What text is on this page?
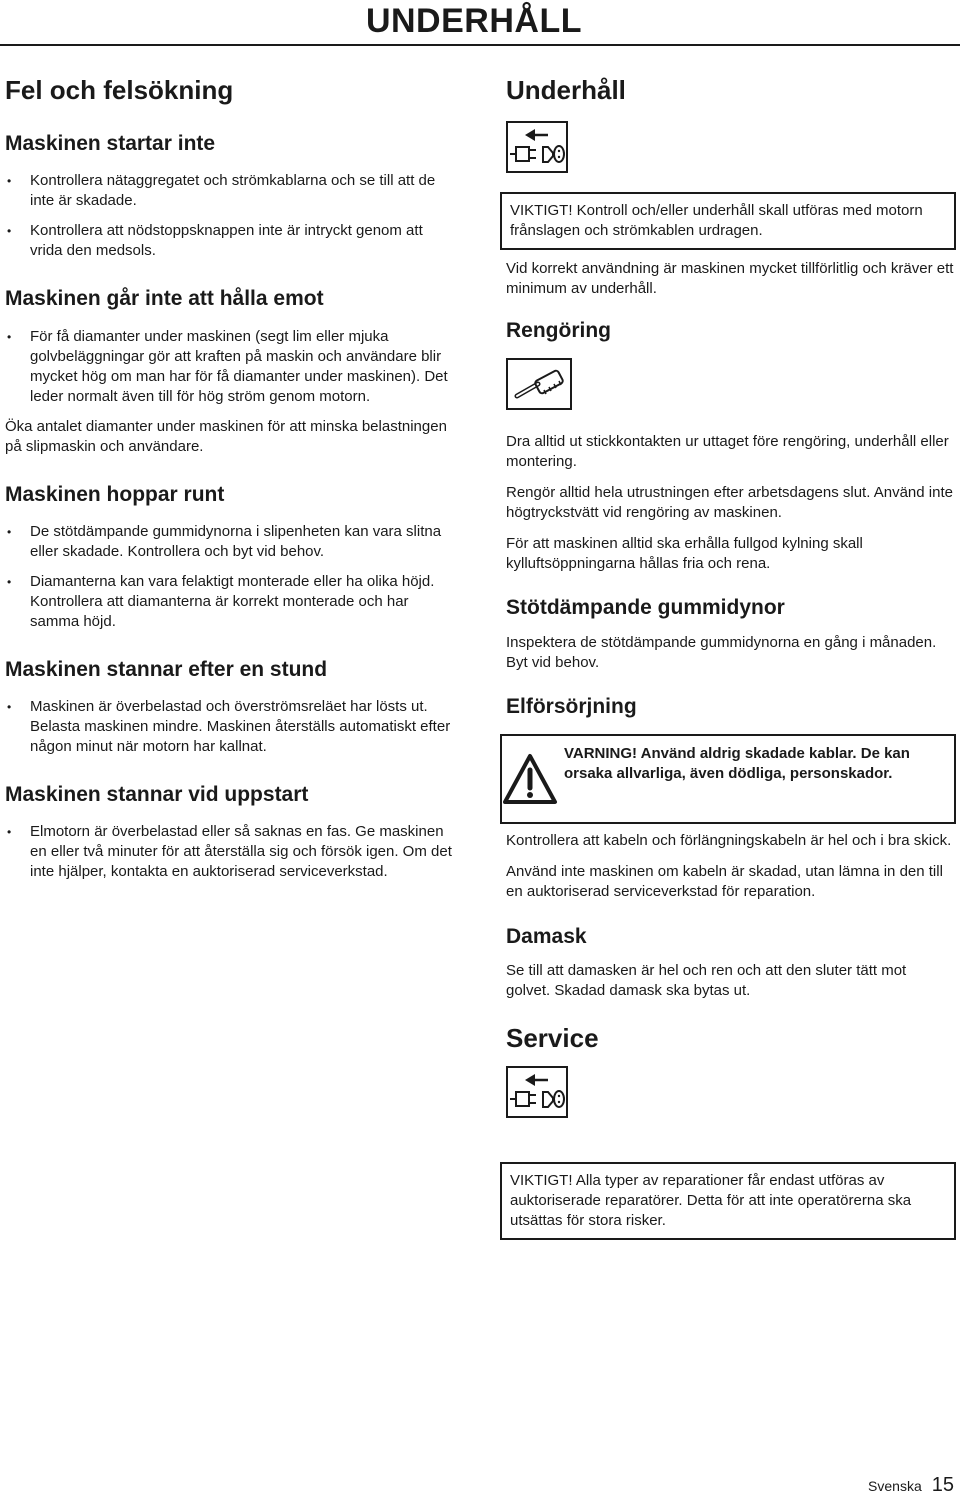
UNDERHÅLL
Fel och felsökning
Maskinen startar inte
• Kontrollera nätaggregatet och strömkablarna och se till att de inte är skadade.
• Kontrollera att nödstoppsknappen inte är intryckt genom att vrida den medsols.
Maskinen går inte att hålla emot
• För få diamanter under maskinen (segt lim eller mjuka golvbeläggningar gör att kraften på maskin och användare blir mycket hög om man har för få diamanter under maskinen). Det leder normalt även till för hög ström genom motorn.

Öka antalet diamanter under maskinen för att minska belastningen på slipmaskin och användare.

Maskinen hoppar runt
• De stötdämpande gummidynorna i slipenheten kan vara slitna eller skadade. Kontrollera och byt vid behov.
• Diamanterna kan vara felaktigt monterade eller ha olika höjd. Kontrollera att diamanterna är korrekt monterade och har samma höjd.
Maskinen stannar efter en stund
• Maskinen är överbelastad och överströmsreläet har lösts ut. Belasta maskinen mindre. Maskinen återställs automatiskt efter någon minut när motorn har kallnat.
Maskinen stannar vid uppstart
• Elmotorn är överbelastad eller så saknas en fas. Ge maskinen en eller två minuter för att återställa sig och försök igen. Om det inte hjälper, kontakta en auktoriserad serviceverkstad.
Underhåll

VIKTIGT! Kontroll och/eller underhåll skall utföras med motorn frånslagen och strömkablen urdragen.

Vid korrekt användning är maskinen mycket tillförlitlig och kräver ett minimum av underhåll.

Rengöring

Dra alltid ut stickkontakten ur uttaget före rengöring, underhåll eller montering.

Rengör alltid hela utrustningen efter arbetsdagens slut. Använd inte högtryckstvätt vid rengöring av maskinen.

För att maskinen alltid ska erhålla fullgod kylning skall kylluftsöppningarna hållas fria och rena.

Stötdämpande gummidynor

Inspektera de stötdämpande gummidynorna en gång i månaden. Byt vid behov.

Elförsörjning
VARNING! Använd aldrig skadade kablar. De kan orsaka allvarliga, även dödliga, personskador.

Kontrollera att kabeln och förlängningskabeln är hel och i bra skick.

Använd inte maskinen om kabeln är skadad, utan lämna in den till en auktoriserad serviceverkstad för reparation.

Damask

Se till att damasken är hel och ren och att den sluter tätt mot golvet. Skadad damask ska bytas ut.

Service

VIKTIGT! Alla typer av reparationer får endast utföras av auktoriserade reparatörer. Detta för att inte operatörerna ska utsättas för stora risker.

Svenska 15
